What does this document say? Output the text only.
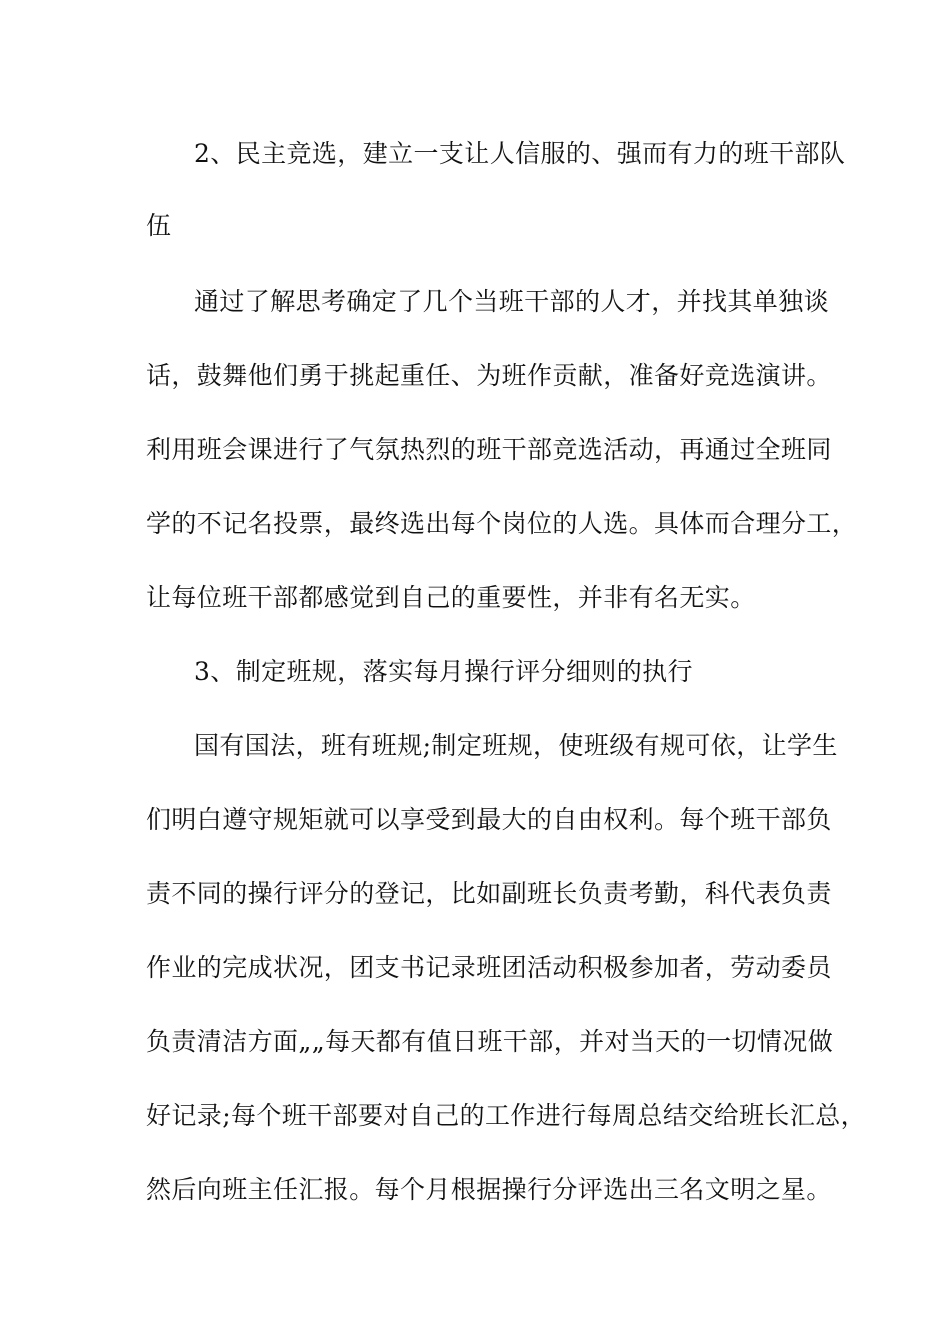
2、民主竞选，建立一支让人信服的、强而有力的班干部队
伍
通过了解思考确定了几个当班干部的人才，并找其单独谈
话，鼓舞他们勇于挑起重任、为班作贡献，准备好竞选演讲。
利用班会课进行了气氛热烈的班干部竞选活动，再通过全班同
学的不记名投票，最终选出每个岗位的人选。具体而合理分工，
让每位班干部都感觉到自己的重要性，并非有名无实。
3、制定班规，落实每月操行评分细则的执行
国有国法，班有班规;制定班规，使班级有规可依，让学生
们明白遵守规矩就可以享受到最大的自由权利。每个班干部负
责不同的操行评分的登记，比如副班长负责考勤，科代表负责
作业的完成状况，团支书记录班团活动积极参加者，劳动委员
负责清洁方面„„每天都有值日班干部，并对当天的一切情况做
好记录;每个班干部要对自己的工作进行每周总结交给班长汇总，
然后向班主任汇报。每个月根据操行分评选出三名文明之星。
